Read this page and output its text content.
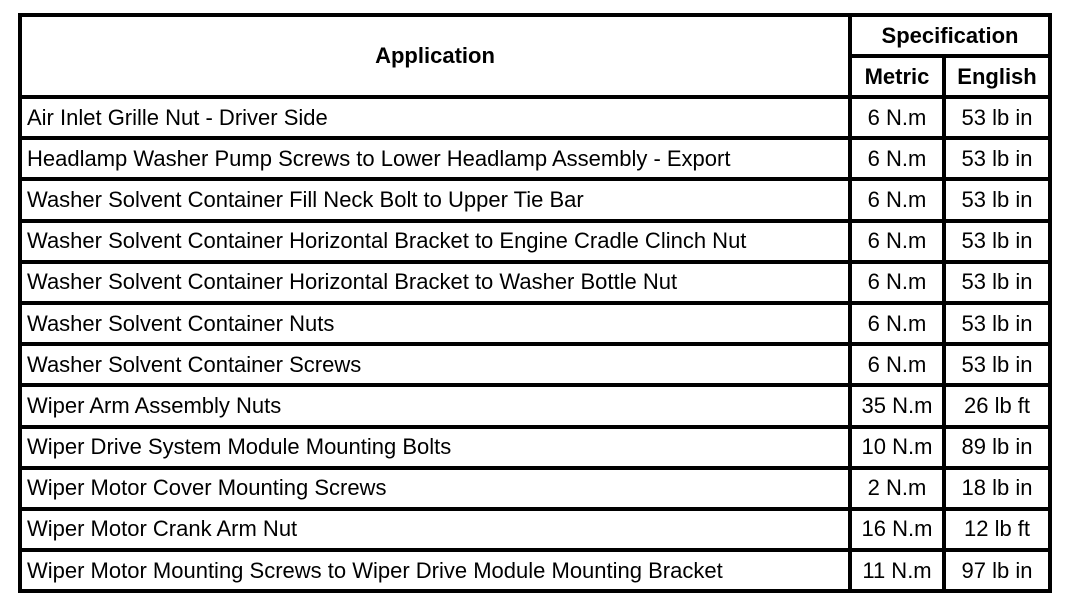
Application	Specification	
	Metric	English
Air Inlet Grille Nut - Driver Side	6 N.m	53 lb in
Headlamp Washer Pump Screws to Lower Headlamp Assembly - Export	6 N.m	53 lb in
Washer Solvent Container Fill Neck Bolt to Upper Tie Bar	6 N.m	53 lb in
Washer Solvent Container Horizontal Bracket to Engine Cradle Clinch Nut	6 N.m	53 lb in
Washer Solvent Container Horizontal Bracket to Washer Bottle Nut	6 N.m	53 lb in
Washer Solvent Container Nuts	6 N.m	53 lb in
Washer Solvent Container Screws	6 N.m	53 lb in
Wiper Arm Assembly Nuts	35 N.m	26 lb ft
Wiper Drive System Module Mounting Bolts	10 N.m	89 lb in
Wiper Motor Cover Mounting Screws	2 N.m	18 lb in
Wiper Motor Crank Arm Nut	16 N.m	12 lb ft
Wiper Motor Mounting Screws to Wiper Drive Module Mounting Bracket	11 N.m	97 lb in
